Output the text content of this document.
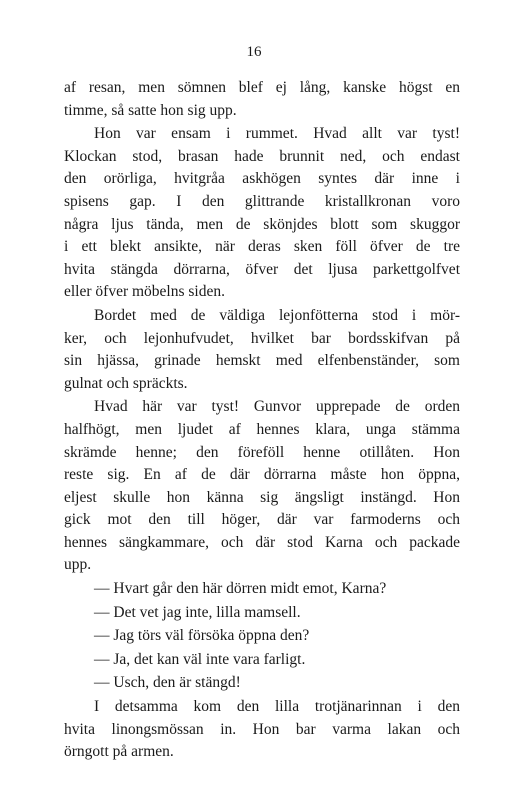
16
af resan, men sömnen blef ej lång, kanske högst en
timme, så satte hon sig upp.
Hon var ensam i rummet. Hvad allt var tyst!
Klockan stod, brasan hade brunnit ned, och endast
den orörliga, hvitgråa askhögen syntes där inne i
spisens gap. I den glittrande kristallkronan voro
några ljus tända, men de skönjdes blott som skuggor
i ett blekt ansikte, när deras sken föll öfver de tre
hvita stängda dörrarna, öfver det ljusa parkettgolfvet
eller öfver möbelns siden.
Bordet med de väldiga lejonfötterna stod i mör-
ker, och lejonhufvudet, hvilket bar bordsskifvan på
sin hjässa, grinade hemskt med elfenbenständer, som
gulnat och spräckts.
Hvad här var tyst! Gunvor upprepade de orden
halfhögt, men ljudet af hennes klara, unga stämma
skrämde henne; den föreföll henne otillåten. Hon
reste sig. En af de där dörrarna måste hon öppna,
eljest skulle hon känna sig ängsligt instängd. Hon
gick mot den till höger, där var farmoderns och
hennes sängkammare, och där stod Karna och packade
upp.
— Hvart går den här dörren midt emot, Karna?
— Det vet jag inte, lilla mamsell.
— Jag törs väl försöka öppna den?
— Ja, det kan väl inte vara farligt.
— Usch, den är stängd!
I detsamma kom den lilla trotjänarinnan i den
hvita linongsmössan in. Hon bar varma lakan och
örngott på armen.
